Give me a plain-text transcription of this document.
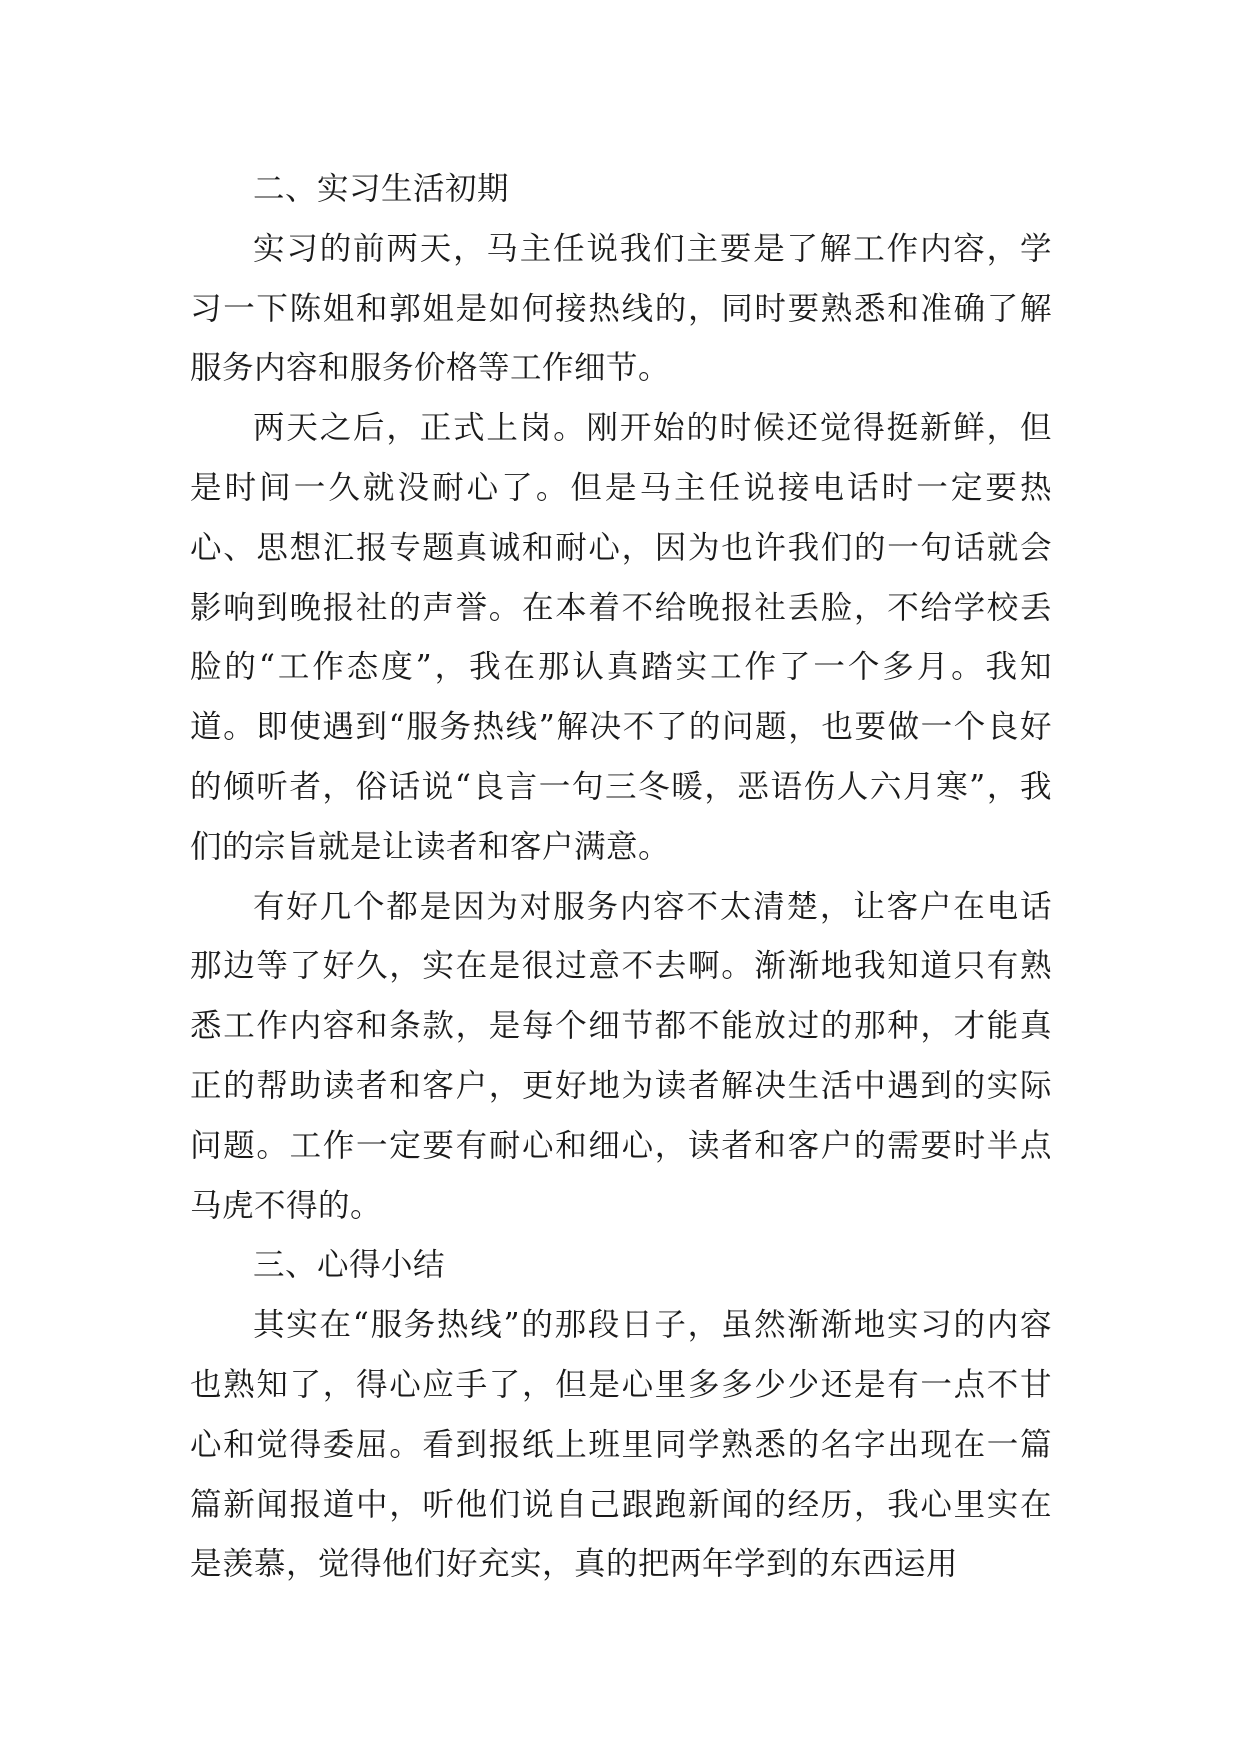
二、实习生活初期

实习的前两天，马主任说我们主要是了解工作内容，学习一下陈姐和郭姐是如何接热线的，同时要熟悉和准确了解服务内容和服务价格等工作细节。

两天之后，正式上岗。刚开始的时候还觉得挺新鲜，但是时间一久就没耐心了。但是马主任说接电话时一定要热心、思想汇报专题真诚和耐心，因为也许我们的一句话就会影响到晚报社的声誉。在本着不给晚报社丢脸，不给学校丢脸的“工作态度”，我在那认真踏实工作了一个多月。我知道。即使遇到“服务热线”解决不了的问题，也要做一个良好的倾听者，俗话说“良言一句三冬暖，恶语伤人六月寒”，我们的宗旨就是让读者和客户满意。

有好几个都是因为对服务内容不太清楚，让客户在电话那边等了好久，实在是很过意不去啊。渐渐地我知道只有熟悉工作内容和条款，是每个细节都不能放过的那种，才能真正的帮助读者和客户，更好地为读者解决生活中遇到的实际问题。工作一定要有耐心和细心，读者和客户的需要时半点马虎不得的。

三、心得小结

其实在“服务热线”的那段日子，虽然渐渐地实习的内容也熟知了，得心应手了，但是心里多多少少还是有一点不甘心和觉得委屈。看到报纸上班里同学熟悉的名字出现在一篇篇新闻报道中，听他们说自己跟跑新闻的经历，我心里实在是羡慕，觉得他们好充实，真的把两年学到的东西运用
